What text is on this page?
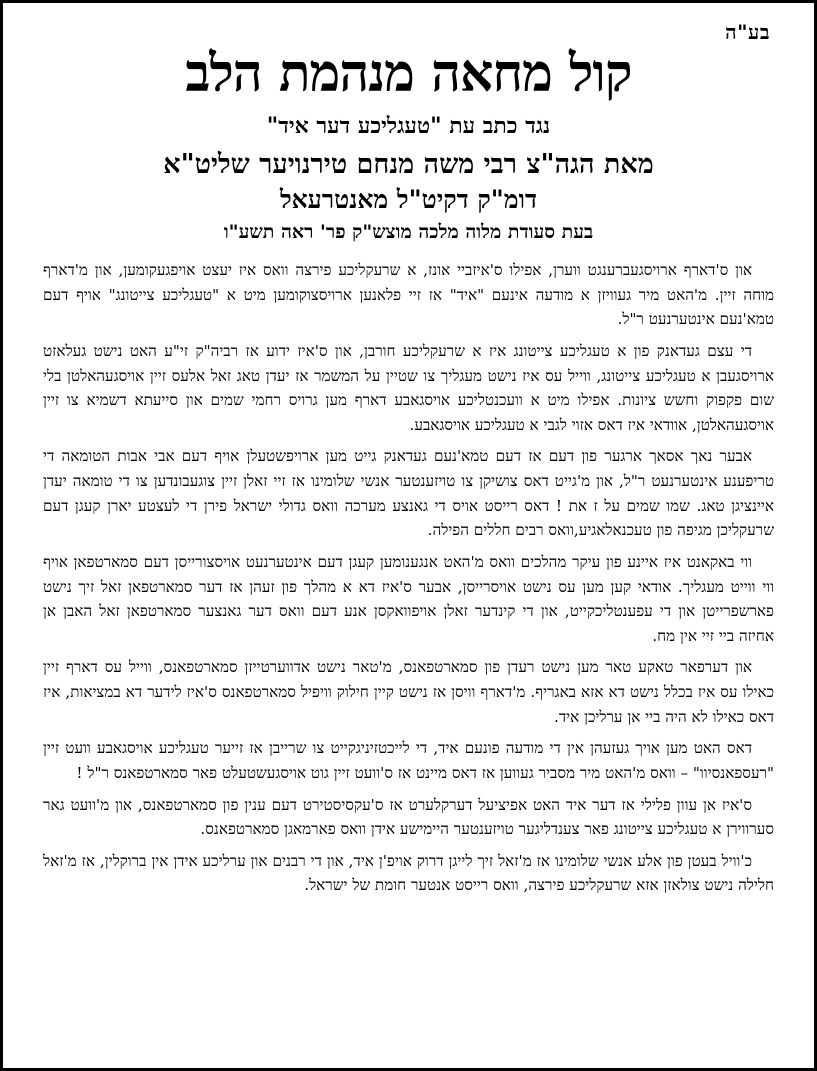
בע"ה
קול מחאה מנהמת הלב
נגד כתב עת "טעגליכע דער איד"
מאת הגה"צ רבי משה מנחם טירנויער שליט"א
דומ"ק דקיט"ל מאנטרעאל
בעת סעודת מלוה מלכה מוצש"ק פר' ראה תשע"ו

און ס'דארף ארויסגעברענגט ווערן, אפילו ס'איזביי אונז, א שרעקליכע פירצה וואס איז יעצט אויפגעקומען, און מ'דארף מוחה זיין. מ'האט מיר געוויזן א מודעה אינעם "איד" אז זיי פלאנען ארויסצוקומען מיט א "טעגליכע צייטונג" אויף דעם טמא'נעם אינטערנעט ר"ל.

די עצם געדאנק פון א טעגליכע צייטונג איז א שרעקליכע חורבן, און ס'איז ידוע אז רביה"ק זי"ע האט נישט געלאזט ארויסגעבן א טעגליכע צייטונג, ווייל עס איז נישט מעגליך צו שטיין על המשמר אז יעדן טאג זאל אלעס זיין אויסגעהאלטן בלי שום פקפוק וחשש ציונות. אפילו מיט א וועכנטליכע אויסגאבע דארף מען גרויס רחמי שמים און סייעתא דשמיא צו זיין אויסגעהאלטן, אוודאי איז דאס אזוי לגבי א טעגליכע אויסגאבע.

אבער נאך אסאך ארגער פון דעם אז דעם טמא'נעם געדאנק גייט מען ארויפשטעלן אויף דעם אבי אבות הטומאה די טריפענע אינטערנעט ר"ל, און מ'גייט דאס צושיקן צו טויזענטער אנשי שלומינו אז זיי זאלן זיין צוגעבונדען צו די טומאה יעדן איינציגן טאג. שמו שמים על ז את ! דאס רייסט אויס די גאנצע מערכה וואס גדולי ישראל פירן די לעצטע יארן קעגן דעם שרעקליכן מגיפה פון טעכנאלאגיע,וואס רבים חללים הפילה.

ווי באקאנט איז איינע פון עיקר מהלכים וואס מ'האט אנגענומען קעגן דעם אינטערנעט אויסצורייסן דעם סמארטפאן אויף ווי ווייט מעגליך. אודאי קען מען עס נישט אויסרייסן, אבער ס'איז דא א מהלך פון זעהן אז דער סמארטפאן זאל זיך נישט פארשפרייטן און די עפענטליכקייט, און די קינדער זאלן אויפוואקסן אנע דעם וואס דער גאנצער סמארטפאן זאל האבן אן אחיזה ביי זיי אין מח.

און דערפאר טאקע טאר מען נישט רעדן פון סמארטפאנס, מ'טאר נישט אדווערטייזן סמארטפאנס, ווייל עס דארף זיין כאילו עס איז בכלל נישט דא אזא באגריף. מ'דארף וויסן אז נישט קיין חילוק וויפיל סמארטפאנס ס'איז לידער דא במציאות, איז דאס כאילו לא היה ביי אן ערליכן איד.

דאס האט מען אויך געזעהן אין די מודעה פונעם איד, די לייכטזיניגקייט צו שרייבן אז זייער טעגליכע אויסגאבע וועט זיין "רעספאנסיוו" – וואס מ'האט מיר מסביר געווען אז דאס מיינט אז ס'וועט זיין גוט אויסגעשטעלט פאר סמארטפאנס ר"ל !

ס'איז אן עוון פלילי אז דער איד האט אפיציעל דערקלערט אז ס'עקסיסטירט דעם ענין פון סמארטפאנס, און מ'וועט גאר סערווירן א טעגליכע צייטונג פאר צענדליגער טויזענטער היימישע אידן וואס פארמאגן סמארטפאנס.

כ'וויל בעטן פון אלע אנשי שלומינו אז מ'זאל זיך לייגן דרוק אויפ'ן איד, און די רבנים און ערליכע אידן אין ברוקלין, אז מ'זאל חלילה נישט צולאזן אזא שרעקליכע פירצה, וואס רייסט אנטער חומת של ישראל.
